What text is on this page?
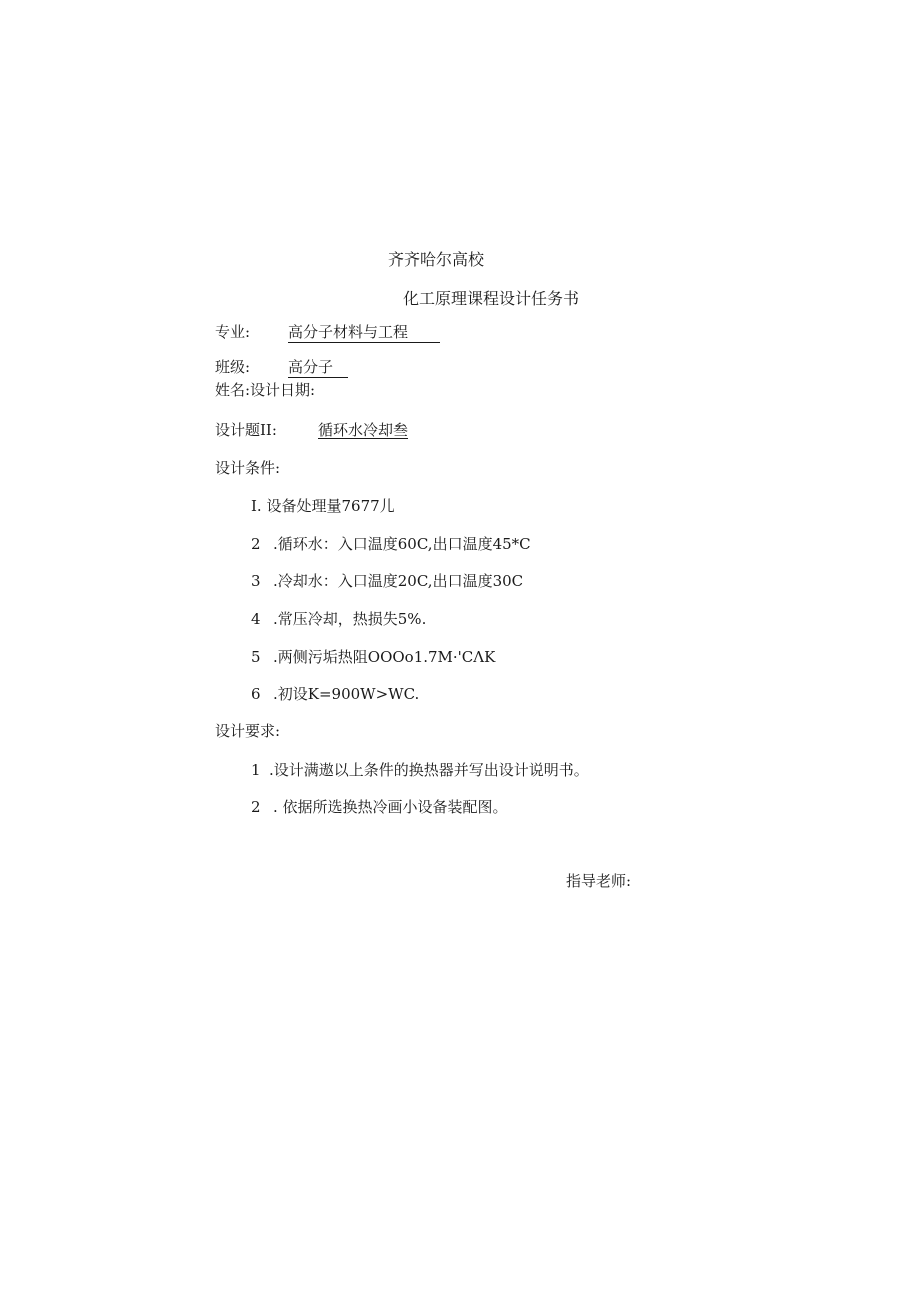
齐齐哈尔高校
化工原理课程设计任务书
专业:	高分子材料与工程
班级:	高分子
姓名:设计日期:
设计题II:	循环水冷却叁
设计条件:
I. 设备处理量7677儿
2 .循环水：入口温度60C,出口温度45*C
3 .冷却水：入口温度20C,出口温度30C
4 .常压冷却，热损失5%.
5 .两侧污垢热阻OOOo1.7M·'CΛK
6 .初设K=900W>WC.
设计要求:
1 .设计满遨以上条件的换热器并写出设计说明书。
2 . 依据所选换热冷画小设备装配图。
指导老师:
